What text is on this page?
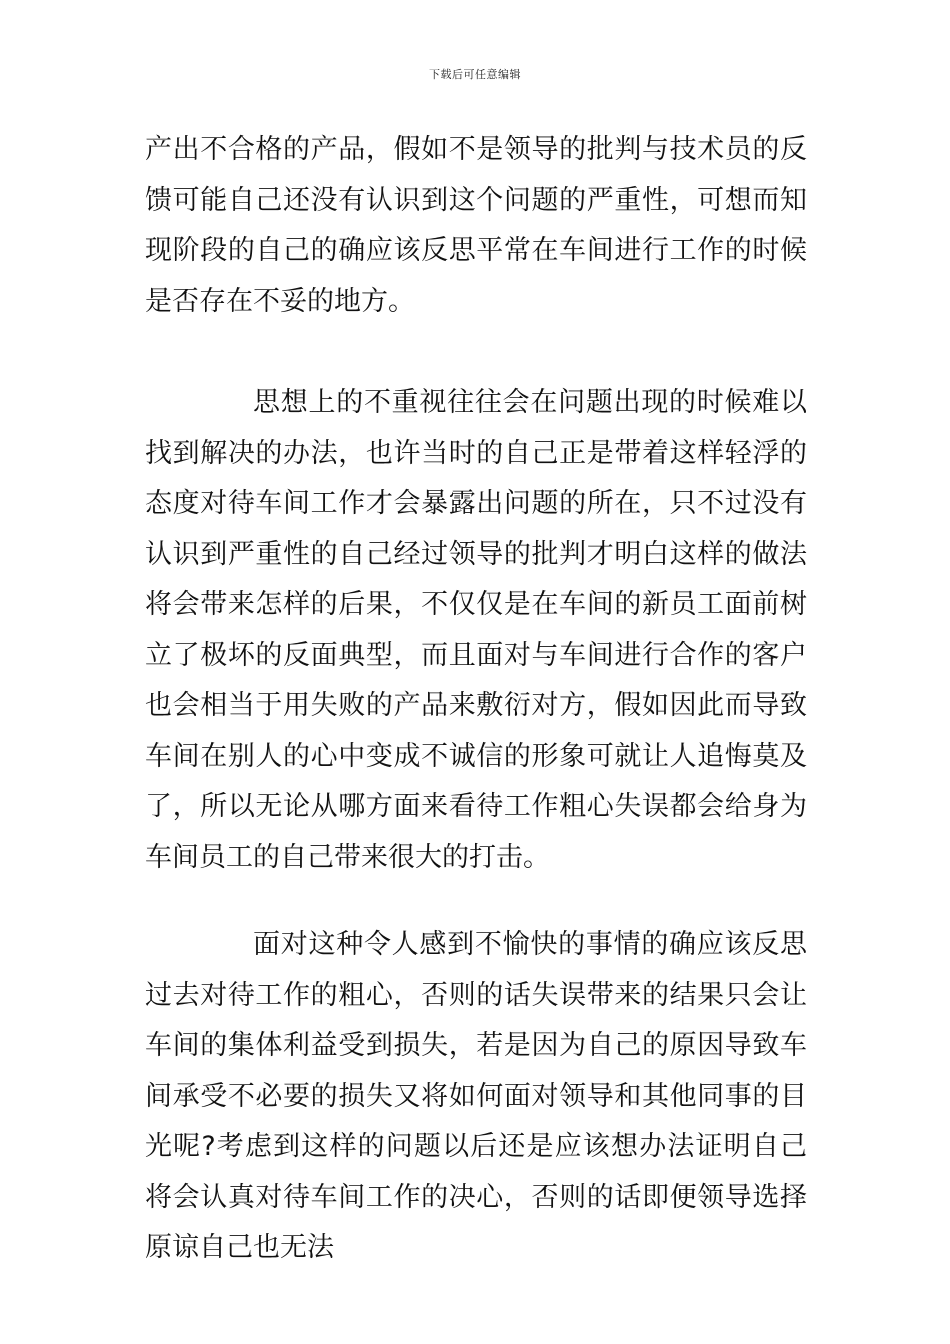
下载后可任意编辑

产出不合格的产品，假如不是领导的批判与技术员的反馈可能自己还没有认识到这个问题的严重性，可想而知现阶段的自己的确应该反思平常在车间进行工作的时候是否存在不妥的地方。

思想上的不重视往往会在问题出现的时候难以找到解决的办法，也许当时的自己正是带着这样轻浮的态度对待车间工作才会暴露出问题的所在，只不过没有认识到严重性的自己经过领导的批判才明白这样的做法将会带来怎样的后果，不仅仅是在车间的新员工面前树立了极坏的反面典型，而且面对与车间进行合作的客户也会相当于用失败的产品来敷衍对方，假如因此而导致车间在别人的心中变成不诚信的形象可就让人追悔莫及了，所以无论从哪方面来看待工作粗心失误都会给身为车间员工的自己带来很大的打击。

面对这种令人感到不愉快的事情的确应该反思过去对待工作的粗心，否则的话失误带来的结果只会让车间的集体利益受到损失，若是因为自己的原因导致车间承受不必要的损失又将如何面对领导和其他同事的目光呢?考虑到这样的问题以后还是应该想办法证明自己将会认真对待车间工作的决心，否则的话即便领导选择原谅自己也无法
